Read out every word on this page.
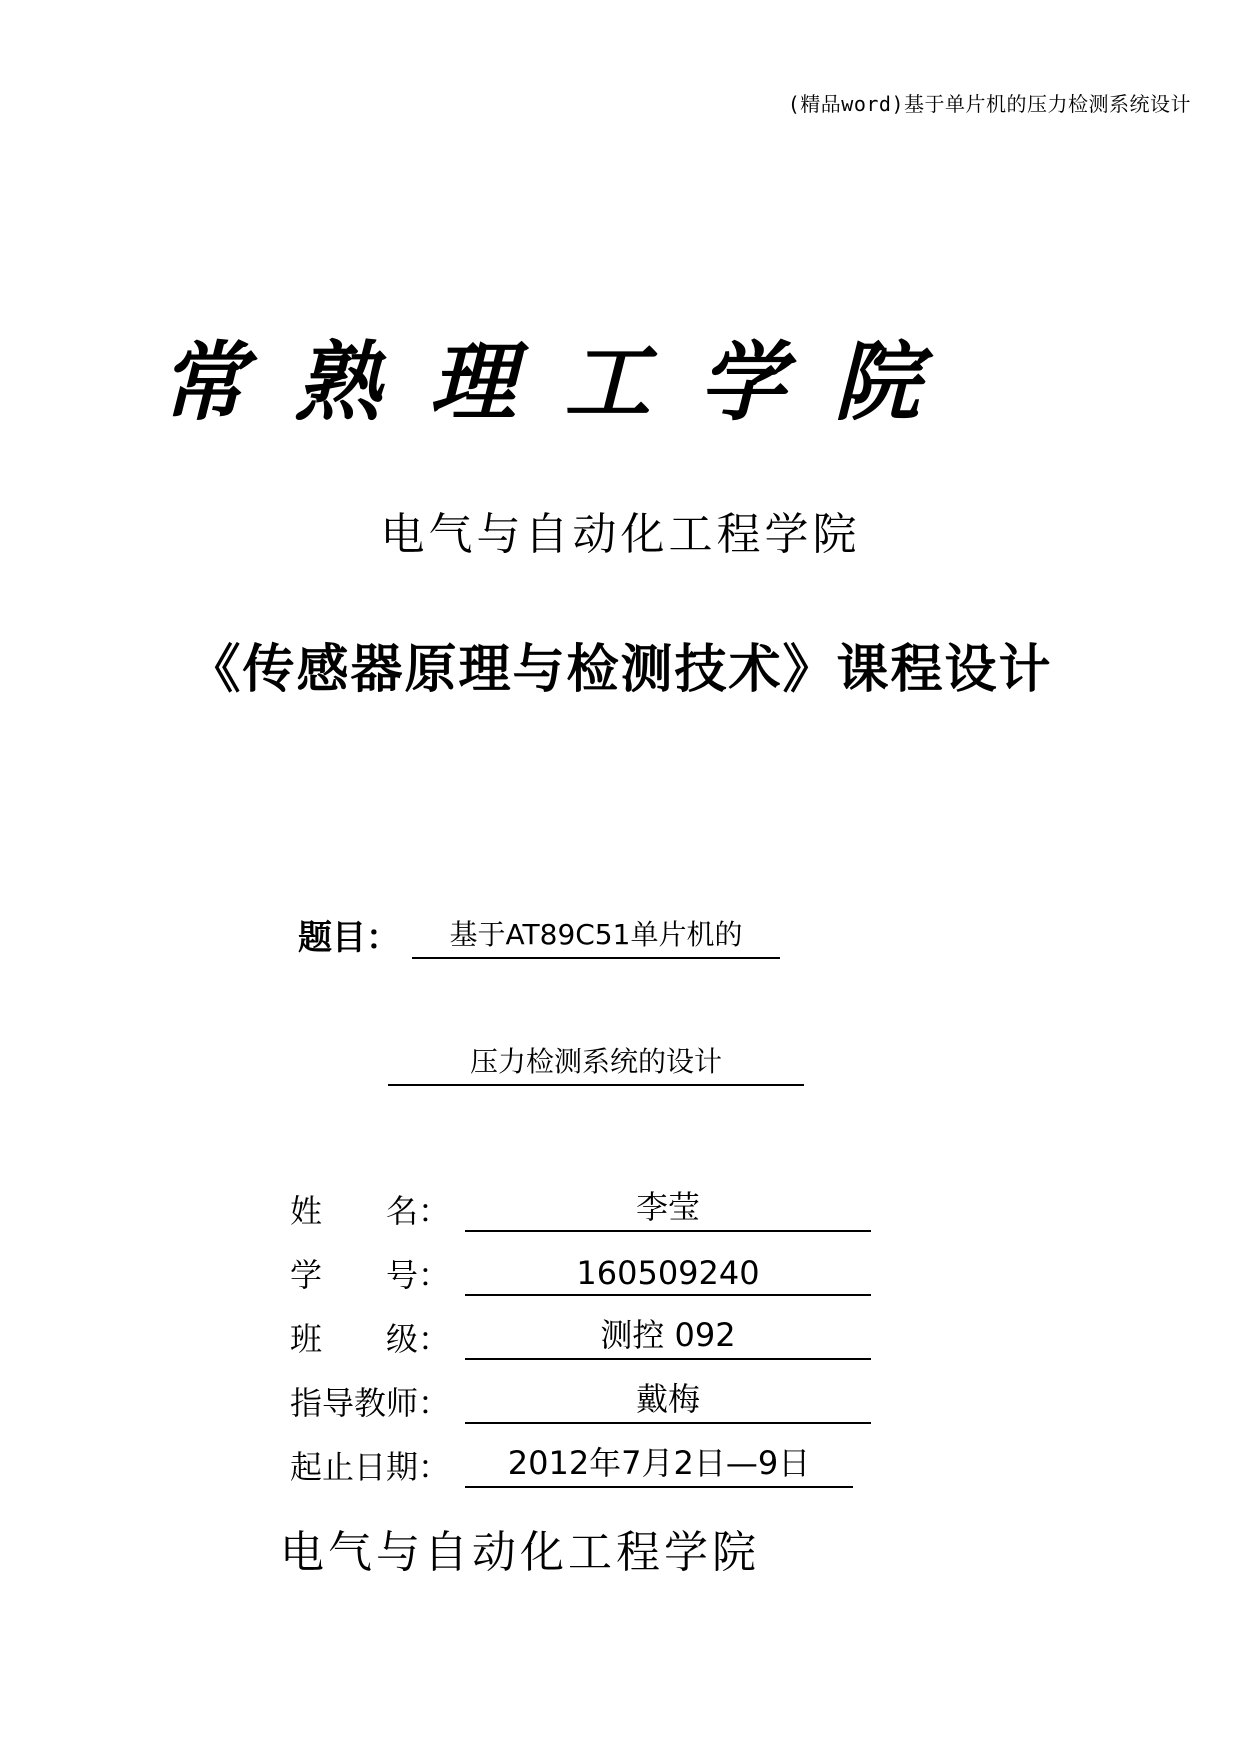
(精品word)基于单片机的压力检测系统设计
常 熟 理 工 学 院
电气与自动化工程学院
《传感器原理与检测技术》课程设计
题目：	基于AT89C51单片机的
压力检测系统的设计
姓　　名：	李莹
学　　号：	160509240
班　　级：	测控 092
指导教师：	戴梅
起止日期：	2012年7月2日—9日
电气与自动化工程学院
